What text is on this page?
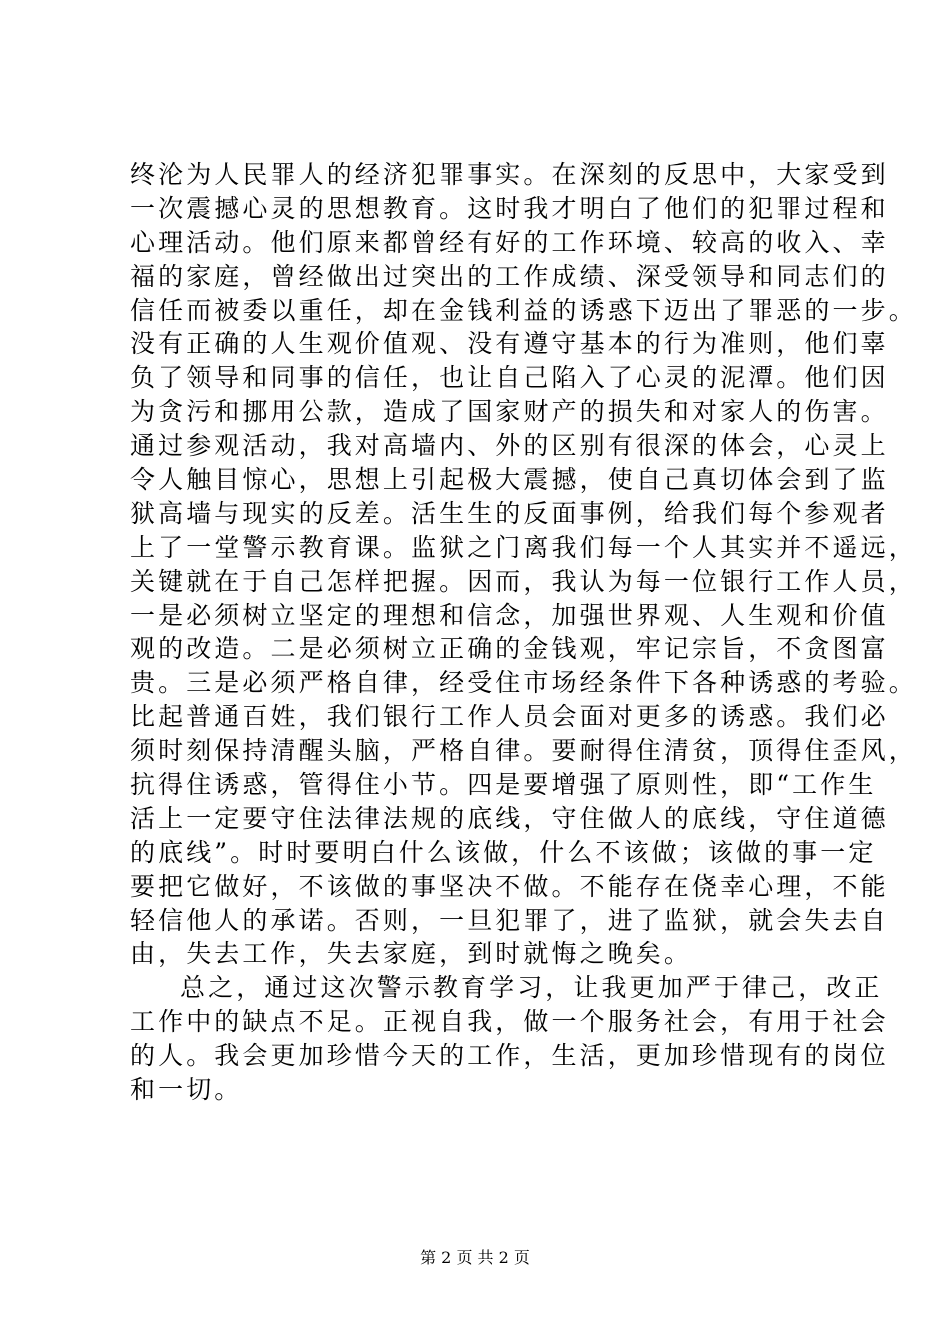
终沦为人民罪人的经济犯罪事实。在深刻的反思中，大家受到
一次震撼心灵的思想教育。这时我才明白了他们的犯罪过程和
心理活动。他们原来都曾经有好的工作环境、较高的收入、幸
福的家庭，曾经做出过突出的工作成绩、深受领导和同志们的
信任而被委以重任，却在金钱利益的诱惑下迈出了罪恶的一步。
没有正确的人生观价值观、没有遵守基本的行为准则，他们辜
负了领导和同事的信任，也让自己陷入了心灵的泥潭。他们因
为贪污和挪用公款，造成了国家财产的损失和对家人的伤害。
通过参观活动，我对高墙内、外的区别有很深的体会，心灵上
令人触目惊心，思想上引起极大震撼，使自己真切体会到了监
狱高墙与现实的反差。活生生的反面事例，给我们每个参观者
上了一堂警示教育课。监狱之门离我们每一个人其实并不遥远，
关键就在于自己怎样把握。因而，我认为每一位银行工作人员，
一是必须树立坚定的理想和信念，加强世界观、人生观和价值
观的改造。二是必须树立正确的金钱观，牢记宗旨，不贪图富
贵。三是必须严格自律，经受住市场经条件下各种诱惑的考验。
比起普通百姓，我们银行工作人员会面对更多的诱惑。我们必
须时刻保持清醒头脑，严格自律。要耐得住清贫，顶得住歪风，
抗得住诱惑，管得住小节。四是要增强了原则性，即“工作生
活上一定要守住法律法规的底线，守住做人的底线，守住道德
的底线”。时时要明白什么该做，什么不该做；该做的事一定
要把它做好，不该做的事坚决不做。不能存在侥幸心理，不能
轻信他人的承诺。否则，一旦犯罪了，进了监狱，就会失去自
由，失去工作，失去家庭，到时就悔之晚矣。
总之，通过这次警示教育学习，让我更加严于律己，改正
工作中的缺点不足。正视自我，做一个服务社会，有用于社会
的人。我会更加珍惜今天的工作，生活，更加珍惜现有的岗位
和一切。
第 2 页 共 2 页
